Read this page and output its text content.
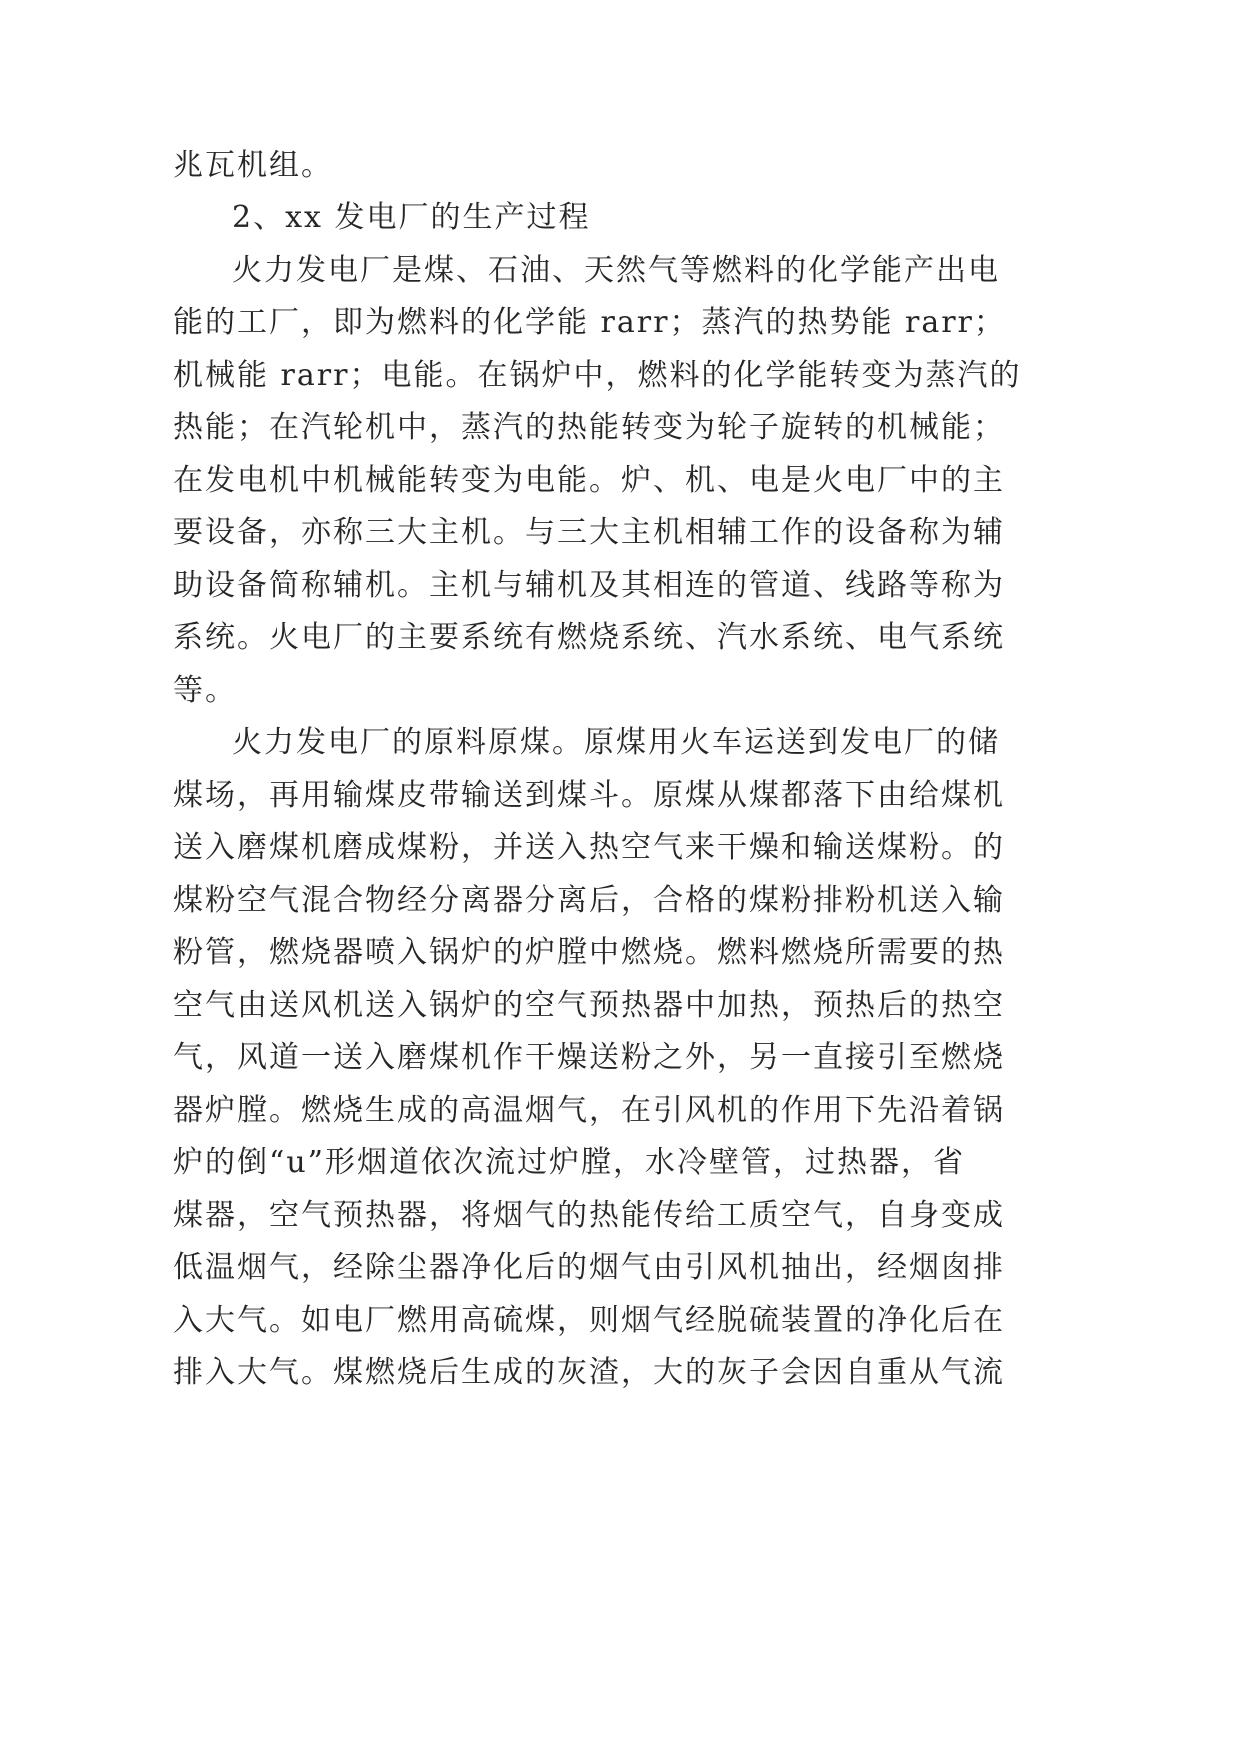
兆瓦机组。
2、xx 发电厂的生产过程
火力发电厂是煤、石油、天然气等燃料的化学能产出电
能的工厂，即为燃料的化学能 rarr；蒸汽的热势能 rarr；
机械能 rarr；电能。在锅炉中，燃料的化学能转变为蒸汽的
热能；在汽轮机中，蒸汽的热能转变为轮子旋转的机械能；
在发电机中机械能转变为电能。炉、机、电是火电厂中的主
要设备，亦称三大主机。与三大主机相辅工作的设备称为辅
助设备简称辅机。主机与辅机及其相连的管道、线路等称为
系统。火电厂的主要系统有燃烧系统、汽水系统、电气系统
等。
火力发电厂的原料原煤。原煤用火车运送到发电厂的储
煤场，再用输煤皮带输送到煤斗。原煤从煤都落下由给煤机
送入磨煤机磨成煤粉，并送入热空气来干燥和输送煤粉。的
煤粉空气混合物经分离器分离后，合格的煤粉排粉机送入输
粉管，燃烧器喷入锅炉的炉膛中燃烧。燃料燃烧所需要的热
空气由送风机送入锅炉的空气预热器中加热，预热后的热空
气，风道一送入磨煤机作干燥送粉之外，另一直接引至燃烧
器炉膛。燃烧生成的高温烟气，在引风机的作用下先沿着锅
炉的倒“u”形烟道依次流过炉膛，水冷壁管，过热器，省
煤器，空气预热器，将烟气的热能传给工质空气，自身变成
低温烟气，经除尘器净化后的烟气由引风机抽出，经烟囱排
入大气。如电厂燃用高硫煤，则烟气经脱硫装置的净化后在
排入大气。煤燃烧后生成的灰渣，大的灰子会因自重从气流
